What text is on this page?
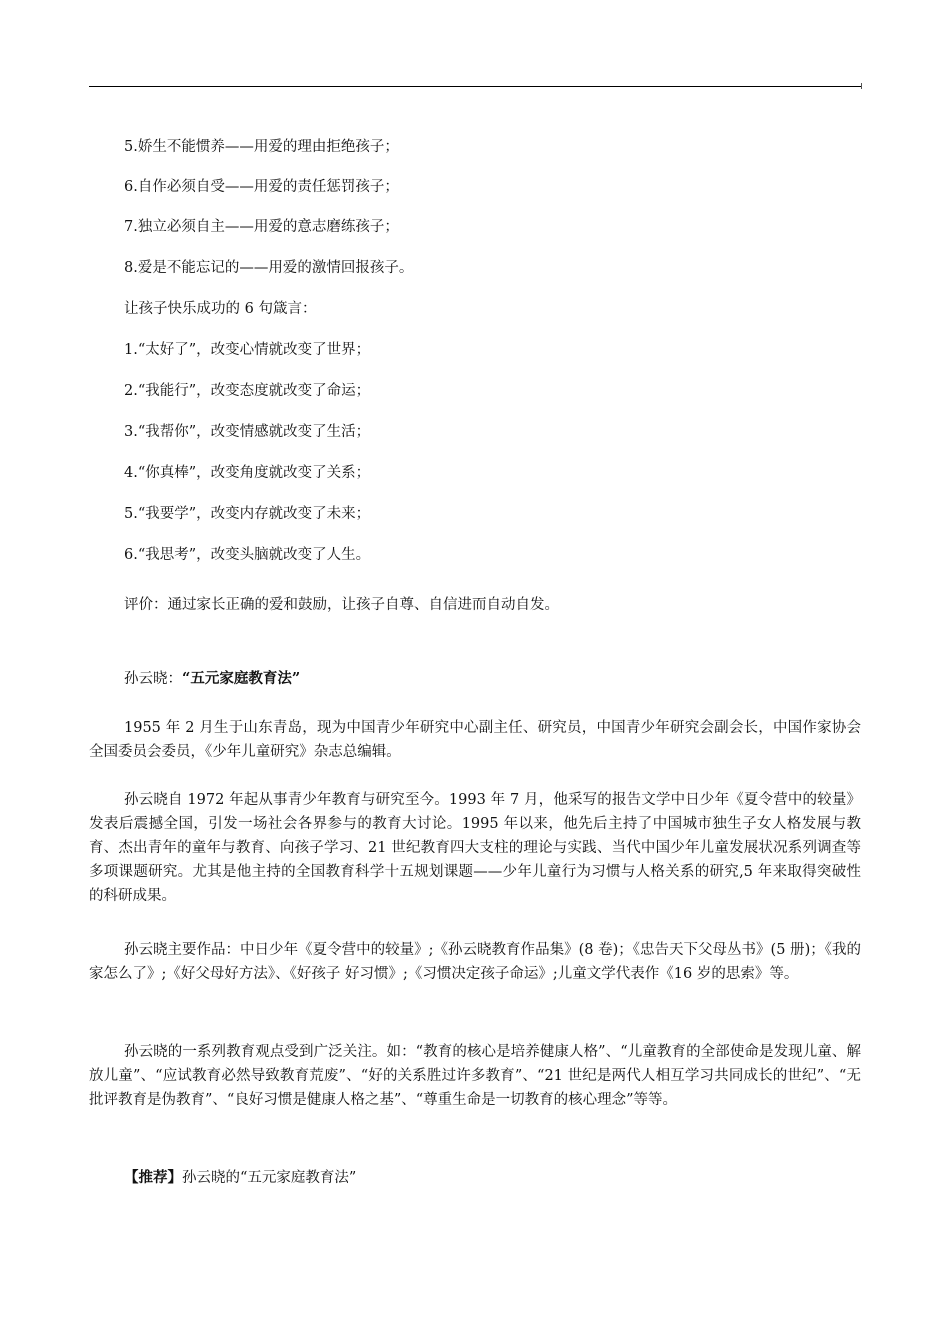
5.娇生不能惯养——用爱的理由拒绝孩子；

6.自作必须自受——用爱的责任惩罚孩子；

7.独立必须自主——用爱的意志磨练孩子；

8.爱是不能忘记的——用爱的激情回报孩子。

让孩子快乐成功的 6 句箴言：

1.“太好了”，改变心情就改变了世界；

2.“我能行”，改变态度就改变了命运；

3.“我帮你”，改变情感就改变了生活；

4.“你真棒”，改变角度就改变了关系；

5.“我要学”，改变内存就改变了未来；

6.“我思考”，改变头脑就改变了人生。

评价：通过家长正确的爱和鼓励，让孩子自尊、自信进而自动自发。

孙云晓：“五元家庭教育法”

1955 年 2 月生于山东青岛，现为中国青少年研究中心副主任、研究员，中国青少年研究会副会长，中国作家协会全国委员会委员，《少年儿童研究》杂志总编辑。

孙云晓自 1972 年起从事青少年教育与研究至今。1993 年 7 月，他采写的报告文学中日少年《夏令营中的较量》发表后震撼全国，引发一场社会各界参与的教育大讨论。1995 年以来，他先后主持了中国城市独生子女人格发展与教育、杰出青年的童年与教育、向孩子学习、21 世纪教育四大支柱的理论与实践、当代中国少年儿童发展状况系列调查等多项课题研究。尤其是他主持的全国教育科学十五规划课题——少年儿童行为习惯与人格关系的研究,5 年来取得突破性的科研成果。

孙云晓主要作品：中日少年《夏令营中的较量》;《孙云晓教育作品集》(8 卷)；《忠告天下父母丛书》(5 册)；《我的家怎么了》;《好父母好方法》、《好孩子 好习惯》;《习惯决定孩子命运》;儿童文学代表作《16 岁的思索》等。

孙云晓的一系列教育观点受到广泛关注。如：“教育的核心是培养健康人格”、“儿童教育的全部使命是发现儿童、解放儿童”、“应试教育必然导致教育荒废”、“好的关系胜过许多教育”、“21 世纪是两代人相互学习共同成长的世纪”、“无批评教育是伪教育”、“良好习惯是健康人格之基”、“尊重生命是一切教育的核心理念”等等。

【推荐】孙云晓的“五元家庭教育法”
